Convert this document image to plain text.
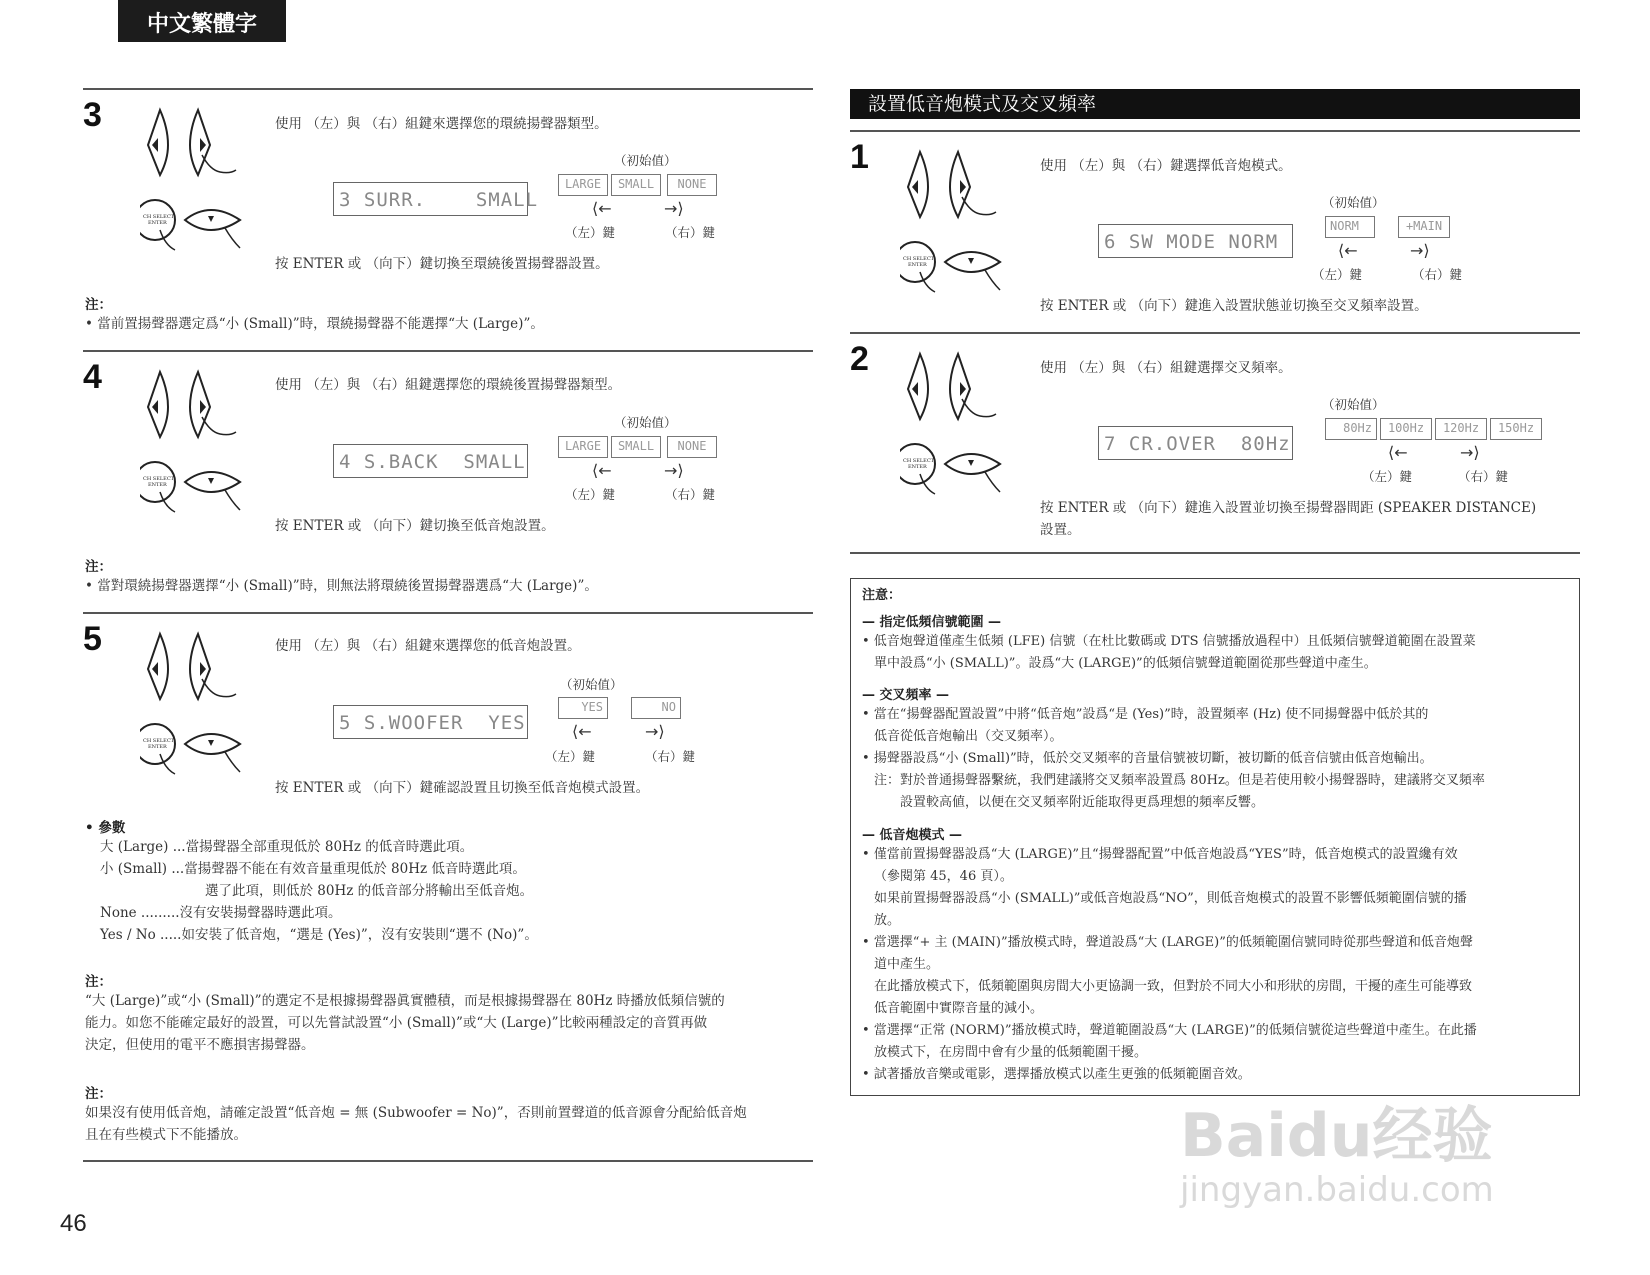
中文繁體字
3
CH SELECT
ENTER
使用 （左）與 （右）組鍵來選擇您的環繞揚聲器類型。
（初始值）
3 SURR.    SMALL
LARGE	SMALL	NONE
⟨←	→⟩
（左）鍵	（右）鍵
按 ENTER 或 （向下）鍵切換至環繞後置揚聲器設置。
注：
• 當前置揚聲器選定爲“小 (Small)”時，環繞揚聲器不能選擇“大 (Large)”。
4
CH SELECT
ENTER
使用 （左）與 （右）組鍵選擇您的環繞後置揚聲器類型。
（初始值）
4 S.BACK  SMALL
LARGE	SMALL	NONE
⟨←	→⟩
（左）鍵	（右）鍵
按 ENTER 或 （向下）鍵切換至低音炮設置。
注：
• 當對環繞揚聲器選擇“小 (Small)”時，則無法將環繞後置揚聲器選爲“大 (Large)”。
5
CH SELECT
ENTER
使用 （左）與 （右）組鍵來選擇您的低音炮設置。
（初始值）
5 S.WOOFER  YES
YES	NO
⟨←	→⟩
（左）鍵	（右）鍵
按 ENTER 或 （向下）鍵確認設置且切換至低音炮模式設置。
• 參數
大 (Large) ...當揚聲器全部重現低於 80Hz 的低音時選此項。
小 (Small) ...當揚聲器不能在有效音量重現低於 80Hz 低音時選此項。
選了此項，則低於 80Hz 的低音部分將輸出至低音炮。
None .........沒有安裝揚聲器時選此項。
Yes / No .....如安裝了低音炮，“選是 (Yes)”，沒有安裝則“選不 (No)”。
注：
“大 (Large)”或“小 (Small)”的選定不是根據揚聲器眞實體積，而是根據揚聲器在 80Hz 時播放低頻信號的
能力。如您不能確定最好的設置，可以先嘗試設置“小 (Small)”或“大 (Large)”比較兩種設定的音質再做
決定，但使用的電平不應損害揚聲器。
注：
如果沒有使用低音炮，請確定設置“低音炮 = 無 (Subwoofer = No)”，否則前置聲道的低音源會分配給低音炮
且在有些模式下不能播放。
設置低音炮模式及交叉頻率
1
CH SELECT
ENTER
使用 （左）與 （右）鍵選擇低音炮模式。
（初始值）
6 SW MODE NORM
NORM	+MAIN
⟨←	→⟩
（左）鍵	（右）鍵
按 ENTER 或 （向下）鍵進入設置狀態並切換至交叉頻率設置。
2
CH SELECT
ENTER
使用 （左）與 （右）組鍵選擇交叉頻率。
（初始值）
7 CR.OVER  80Hz
80Hz	100Hz	120Hz	150Hz
⟨←	→⟩
（左）鍵	（右）鍵
按 ENTER 或 （向下）鍵進入設置並切換至揚聲器間距 (SPEAKER DISTANCE)
設置。
注意：
— 指定低頻信號範圍 —
• 低音炮聲道僅產生低頻 (LFE) 信號（在杜比數碼或 DTS 信號播放過程中）且低頻信號聲道範圍在設置菜
單中設爲“小 (SMALL)”。設爲“大 (LARGE)”的低頻信號聲道範圍從那些聲道中產生。
— 交叉頻率 —
• 當在“揚聲器配置設置”中將“低音炮”設爲“是 (Yes)”時，設置頻率 (Hz) 使不同揚聲器中低於其的
低音從低音炮輸出（交叉頻率）。
• 揚聲器設爲“小 (Small)”時，低於交叉頻率的音量信號被切斷，被切斷的低音信號由低音炮輸出。
注：對於普通揚聲器繫統，我們建議將交叉頻率設置爲 80Hz。但是若使用較小揚聲器時，建議將交叉頻率
設置較高値，以便在交叉頻率附近能取得更爲理想的頻率反響。
— 低音炮模式 —
• 僅當前置揚聲器設爲“大 (LARGE)”且“揚聲器配置”中低音炮設爲“YES”時，低音炮模式的設置纔有效
（參閱第 45，46 頁）。
如果前置揚聲器設爲“小 (SMALL)”或低音炮設爲“NO”，則低音炮模式的設置不影響低頻範圍信號的播
放。
• 當選擇“+ 主 (MAIN)”播放模式時，聲道設爲“大 (LARGE)”的低頻範圍信號同時從那些聲道和低音炮聲
道中產生。
在此播放模式下，低頻範圍與房間大小更協調一致，但對於不同大小和形狀的房間，干擾的產生可能導致
低音範圍中實際音量的減小。
• 當選擇“正常 (NORM)”播放模式時，聲道範圍設爲“大 (LARGE)”的低頻信號從這些聲道中產生。在此播
放模式下，在房間中會有少量的低頻範圍干擾。
• 試著播放音樂或電影，選擇播放模式以產生更強的低頻範圍音效。
46
Baidu经验
jingyan.baidu.com
